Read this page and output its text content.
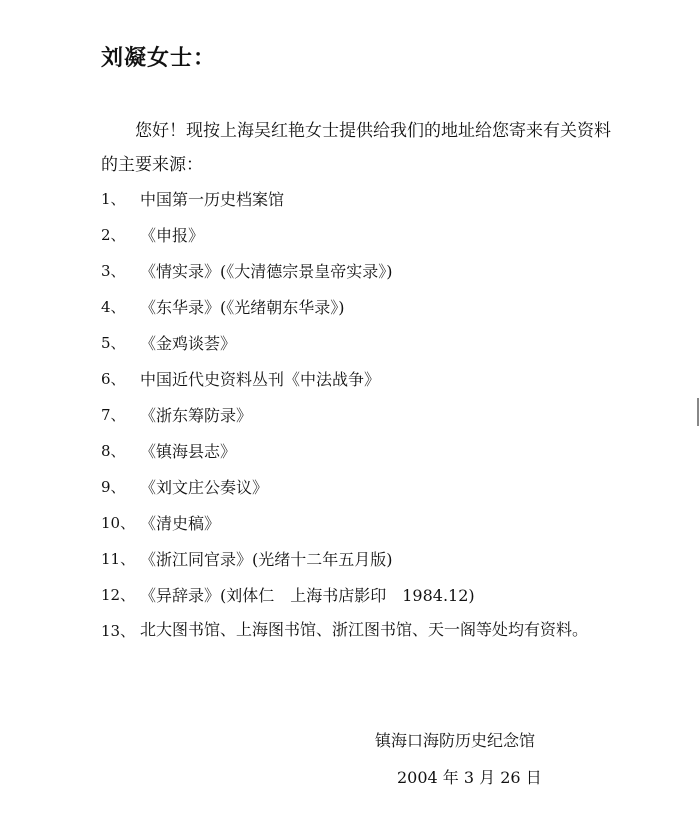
刘凝女士：
您好！现按上海吴红艳女士提供给我们的地址给您寄来有关资料的主要来源：
1、 中国第一历史档案馆
2、 《申报》
3、 《情实录》(《大清德宗景皇帝实录》)
4、 《东华录》(《光绪朝东华录》)
5、 《金鸡谈荟》
6、 中国近代史资料丛刊《中法战争》
7、 《浙东筹防录》
8、 《镇海县志》
9、 《刘文庄公奏议》
10、 《清史稿》
11、 《浙江同官录》(光绪十二年五月版)
12、 《异辞录》(刘体仁　上海书店影印　1984.12)
13、 北大图书馆、上海图书馆、浙江图书馆、天一阁等处均有资料。
镇海口海防历史纪念馆
2004 年 3 月 26 日
